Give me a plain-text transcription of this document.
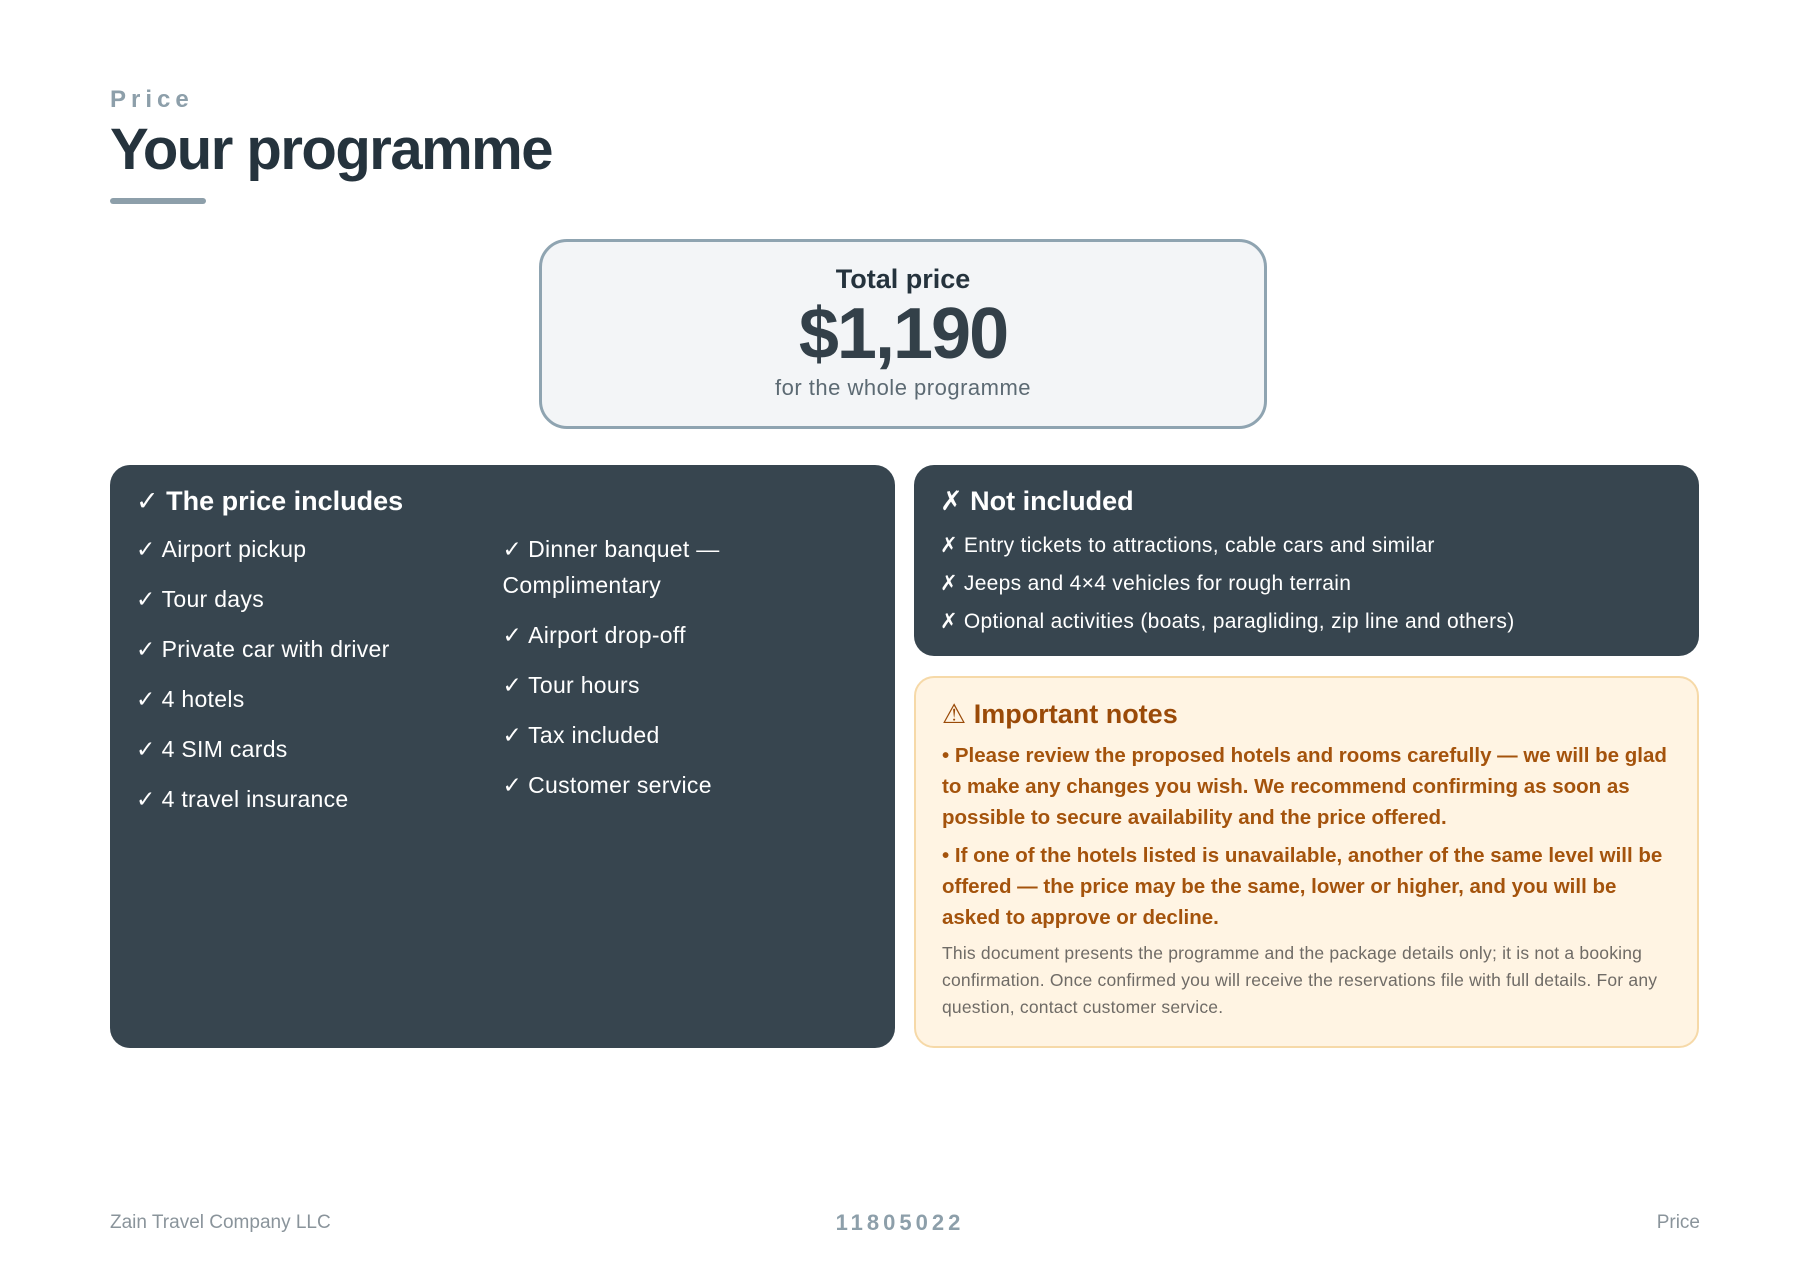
Price
Your programme
Total price
$1,190
for the whole programme
✓ The price includes
✓ Airport pickup
✓ Tour days
✓ Private car with driver
✓ 4 hotels
✓ 4 SIM cards
✓ 4 travel insurance
✓ Dinner banquet — Complimentary
✓ Airport drop-off
✓ Tour hours
✓ Tax included
✓ Customer service
✗ Not included
✗ Entry tickets to attractions, cable cars and similar
✗ Jeeps and 4×4 vehicles for rough terrain
✗ Optional activities (boats, paragliding, zip line and others)
⚠ Important notes
• Please review the proposed hotels and rooms carefully — we will be glad to make any changes you wish. We recommend confirming as soon as possible to secure availability and the price offered.
• If one of the hotels listed is unavailable, another of the same level will be offered — the price may be the same, lower or higher, and you will be asked to approve or decline.
This document presents the programme and the package details only; it is not a booking confirmation. Once confirmed you will receive the reservations file with full details. For any question, contact customer service.
Zain Travel Company LLC	11805022	Price
